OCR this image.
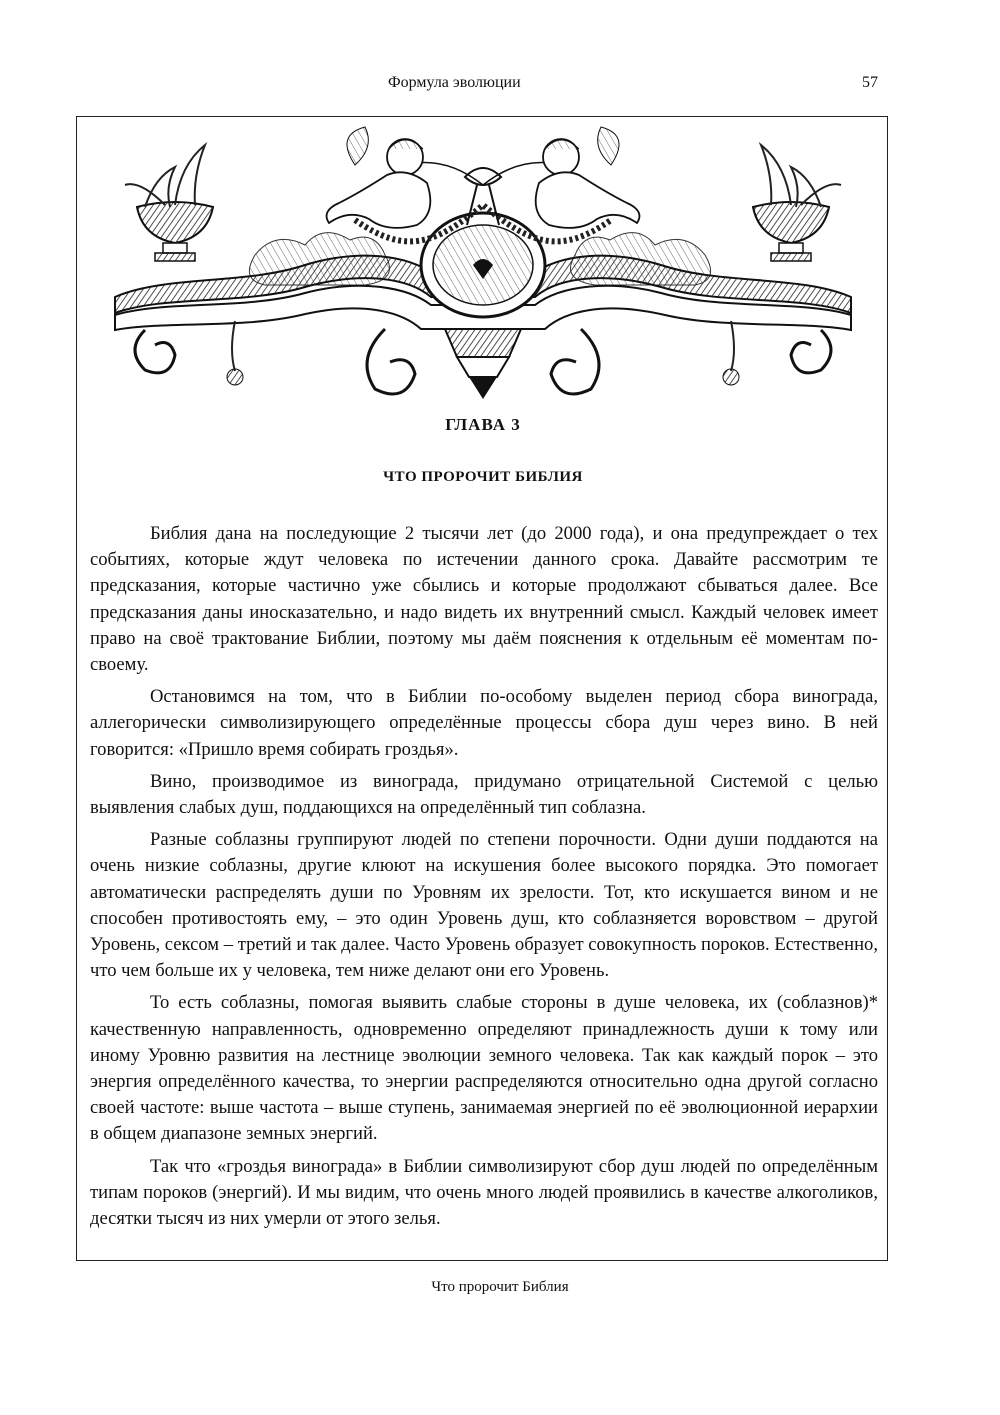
Формула эволюции	57
ГЛАВА 3
ЧТО ПРОРОЧИТ БИБЛИЯ

Библия дана на последующие 2 тысячи лет (до 2000 года), и она предупреждает о тех событиях, которые ждут человека по истечении данного срока. Давайте рассмотрим те предсказания, которые частично уже сбылись и которые продолжают сбываться далее. Все предсказания даны иносказательно, и надо видеть их внутренний смысл. Каждый человек имеет право на своё трактование Библии, поэтому мы даём пояснения к отдельным её моментам по-своему.

Остановимся на том, что в Библии по-особому выделен период сбора винограда, аллегорически символизирующего определённые процессы сбора душ через вино. В ней говорится: «Пришло время собирать гроздья».

Вино, производимое из винограда, придумано отрицательной Системой с целью выявления слабых душ, поддающихся на определённый тип соблазна.

Разные соблазны группируют людей по степени порочности. Одни души поддаются на очень низкие соблазны, другие клюют на искушения более высокого порядка. Это помогает автоматически распределять души по Уровням их зрелости. Тот, кто искушается вином и не способен противостоять ему, – это один Уровень душ, кто соблазняется воровством – другой Уровень, сексом – третий и так далее. Часто Уровень образует совокупность пороков. Естественно, что чем больше их у человека, тем ниже делают они его Уровень.

То есть соблазны, помогая выявить слабые стороны в душе человека, их (соблазнов)* качественную направленность, одновременно определяют принадлежность души к тому или иному Уровню развития на лестнице эволюции земного человека. Так как каждый порок – это энергия определённого качества, то энергии распределяются относительно одна другой согласно своей частоте: выше частота – выше ступень, занимаемая энергией по её эволюционной иерархии в общем диапазоне земных энергий.

Так что «гроздья винограда» в Библии символизируют сбор душ людей по определённым типам пороков (энергий). И мы видим, что очень много людей проявились в качестве алкоголиков, десятки тысяч из них умерли от этого зелья.

Что пророчит Библия
